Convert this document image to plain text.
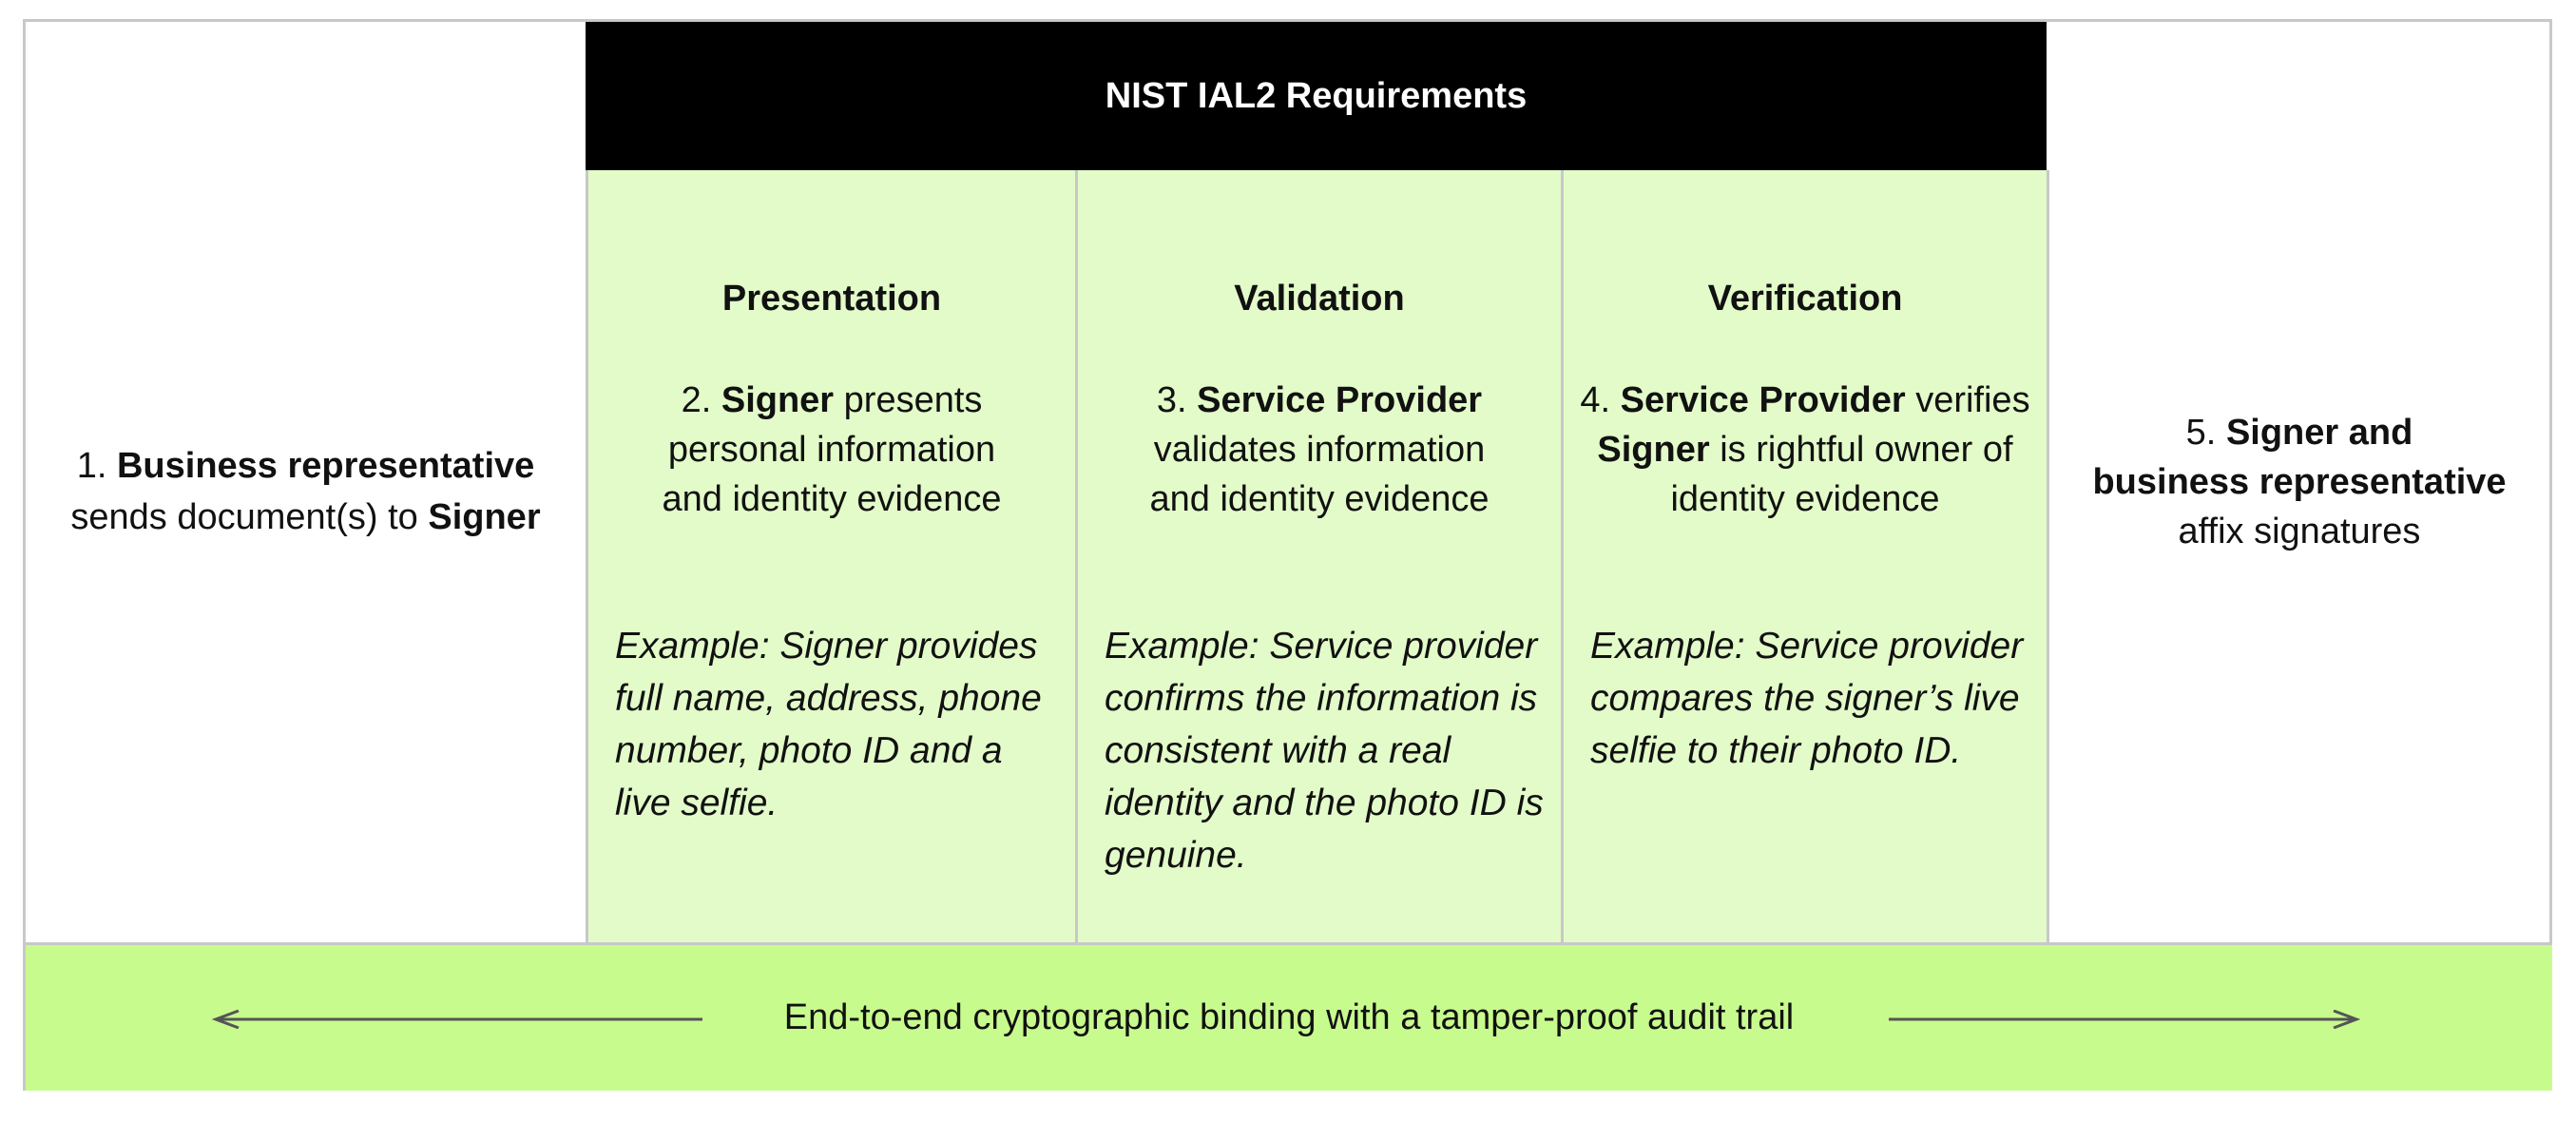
1. Business representative
sends document(s) to Signer
NIST IAL2 Requirements
Presentation
2. Signer presents
personal information
and identity evidence
Example: Signer provides full name, address, phone number, photo ID and a live selfie.
Validation
3. Service Provider
validates information
and identity evidence
Example: Service provider confirms the information is consistent with a real identity and the photo ID is genuine.
Verification
4. Service Provider verifies
Signer is rightful owner of
identity evidence
Example: Service provider compares the signer’s live selfie to their photo ID.
5. Signer and
business representative
affix signatures
End-to-end cryptographic binding with a tamper-proof audit trail
